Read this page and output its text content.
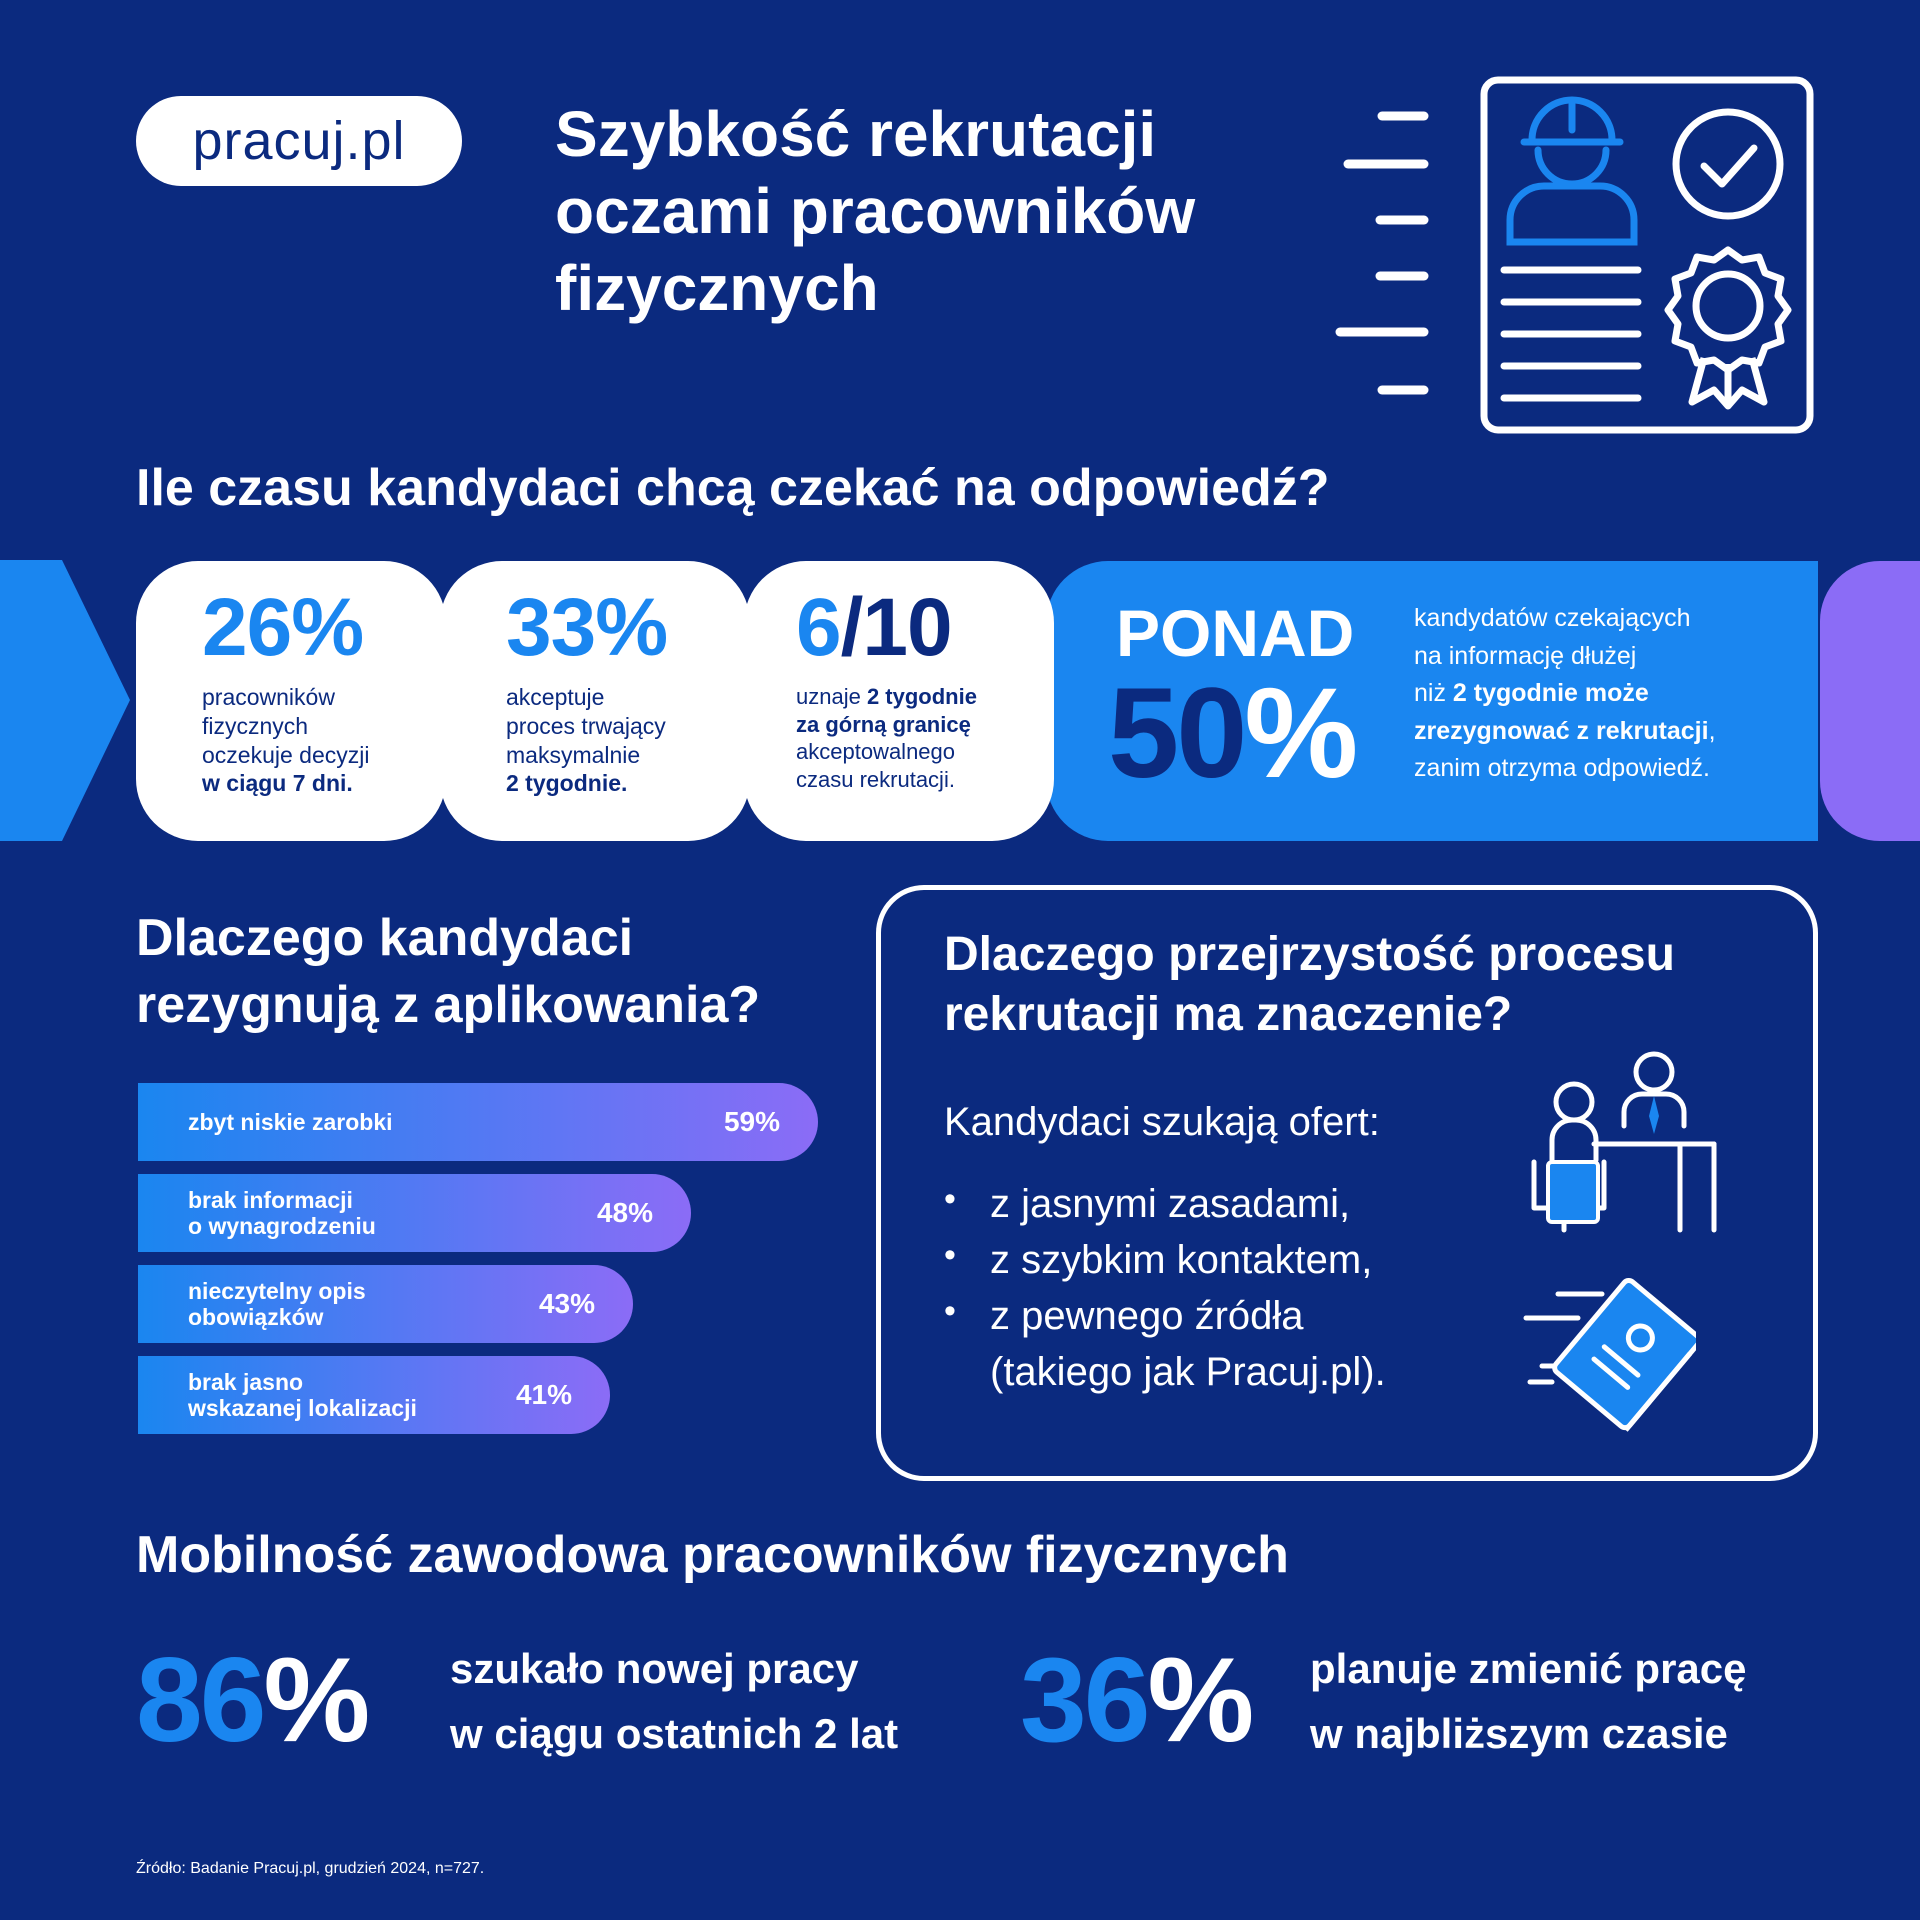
pracuj.pl Szybkość rekrutacji
oczami pracowników
fizycznych
Ile czasu kandydaci chcą czekać na odpowiedź?
26%
pracowników
fizycznych
oczekuje decyzji
w ciągu 7 dni.
33%
akceptuje
proces trwający
maksymalnie
2 tygodnie.
6/10
uznaje 2 tygodnie
za górną granicę
akceptowalnego
czasu rekrutacji.
PONAD
50%
kandydatów czekających
na informację dłużej
niż 2 tygodnie może
zrezygnować z rekrutacji,
zanim otrzyma odpowiedź.
Dlaczego kandydaci
rezygnują z aplikowania?
zbyt niskie zarobki	59%
brak informacji
o wynagrodzeniu	48%
nieczytelny opis
obowiązków	43%
brak jasno
wskazanej lokalizacji	41%
Dlaczego przejrzystość procesu
rekrutacji ma znaczenie?
Kandydaci szukają ofert:
• z jasnymi zasadami,
• z szybkim kontaktem,
• z pewnego źródła
(takiego jak Pracuj.pl).
Mobilność zawodowa pracowników fizycznych
86% szukało nowej pracy
w ciągu ostatnich 2 lat 36% planuje zmienić pracę
w najbliższym czasie
Źródło: Badanie Pracuj.pl, grudzień 2024, n=727.
